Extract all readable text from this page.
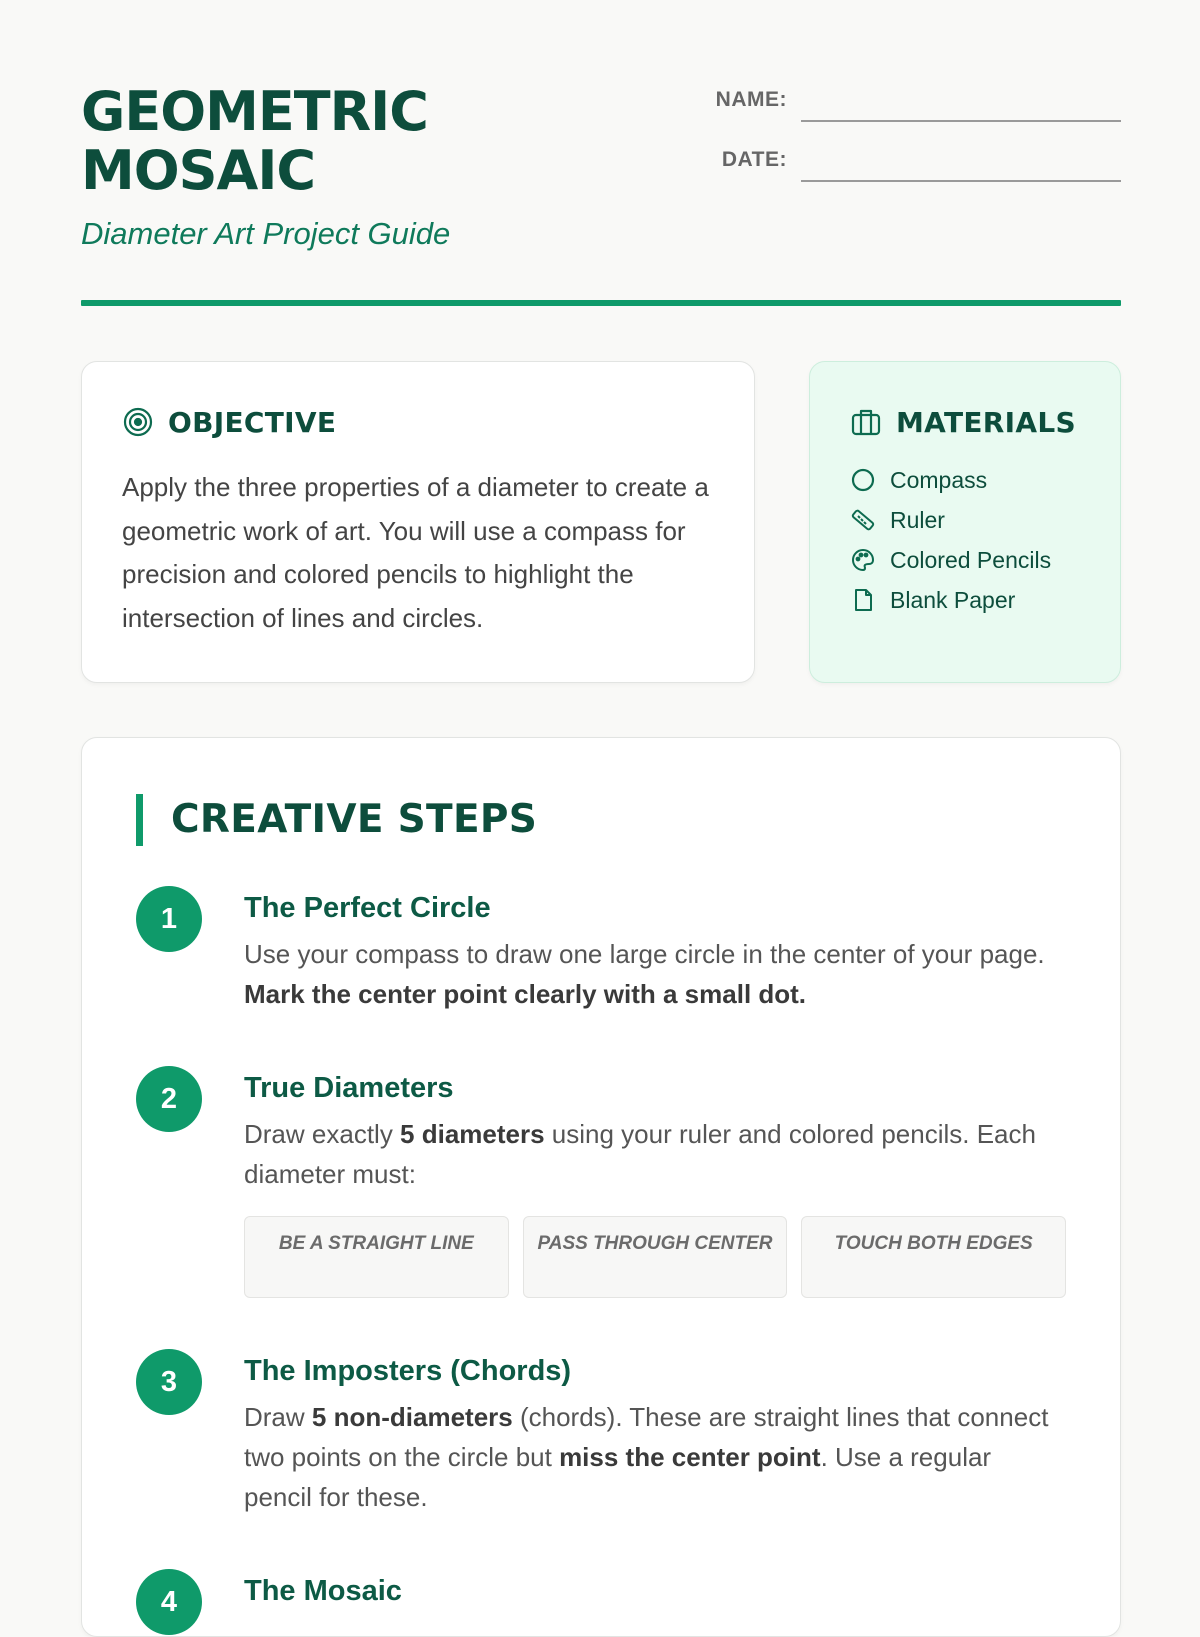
GEOMETRIC
MOSAIC
Diameter Art Project Guide
NAME:
DATE:
OBJECTIVE

Apply the three properties of a diameter to create a geometric work of art. You will use a compass for precision and colored pencils to highlight the intersection of lines and circles.

MATERIALS
Compass
Ruler
Colored Pencils
Blank Paper
CREATIVE STEPS
1	The Perfect Circle

Use your compass to draw one large circle in the center of your page. Mark the center point clearly with a small dot.

2	True Diameters

Draw exactly 5 diameters using your ruler and colored pencils. Each diameter must:

BE A STRAIGHT LINE	PASS THROUGH CENTER	TOUCH BOTH EDGES
3	The Imposters (Chords)

Draw 5 non-diameters (chords). These are straight lines that connect two points on the circle but miss the center point. Use a regular pencil for these.

4	The Mosaic
